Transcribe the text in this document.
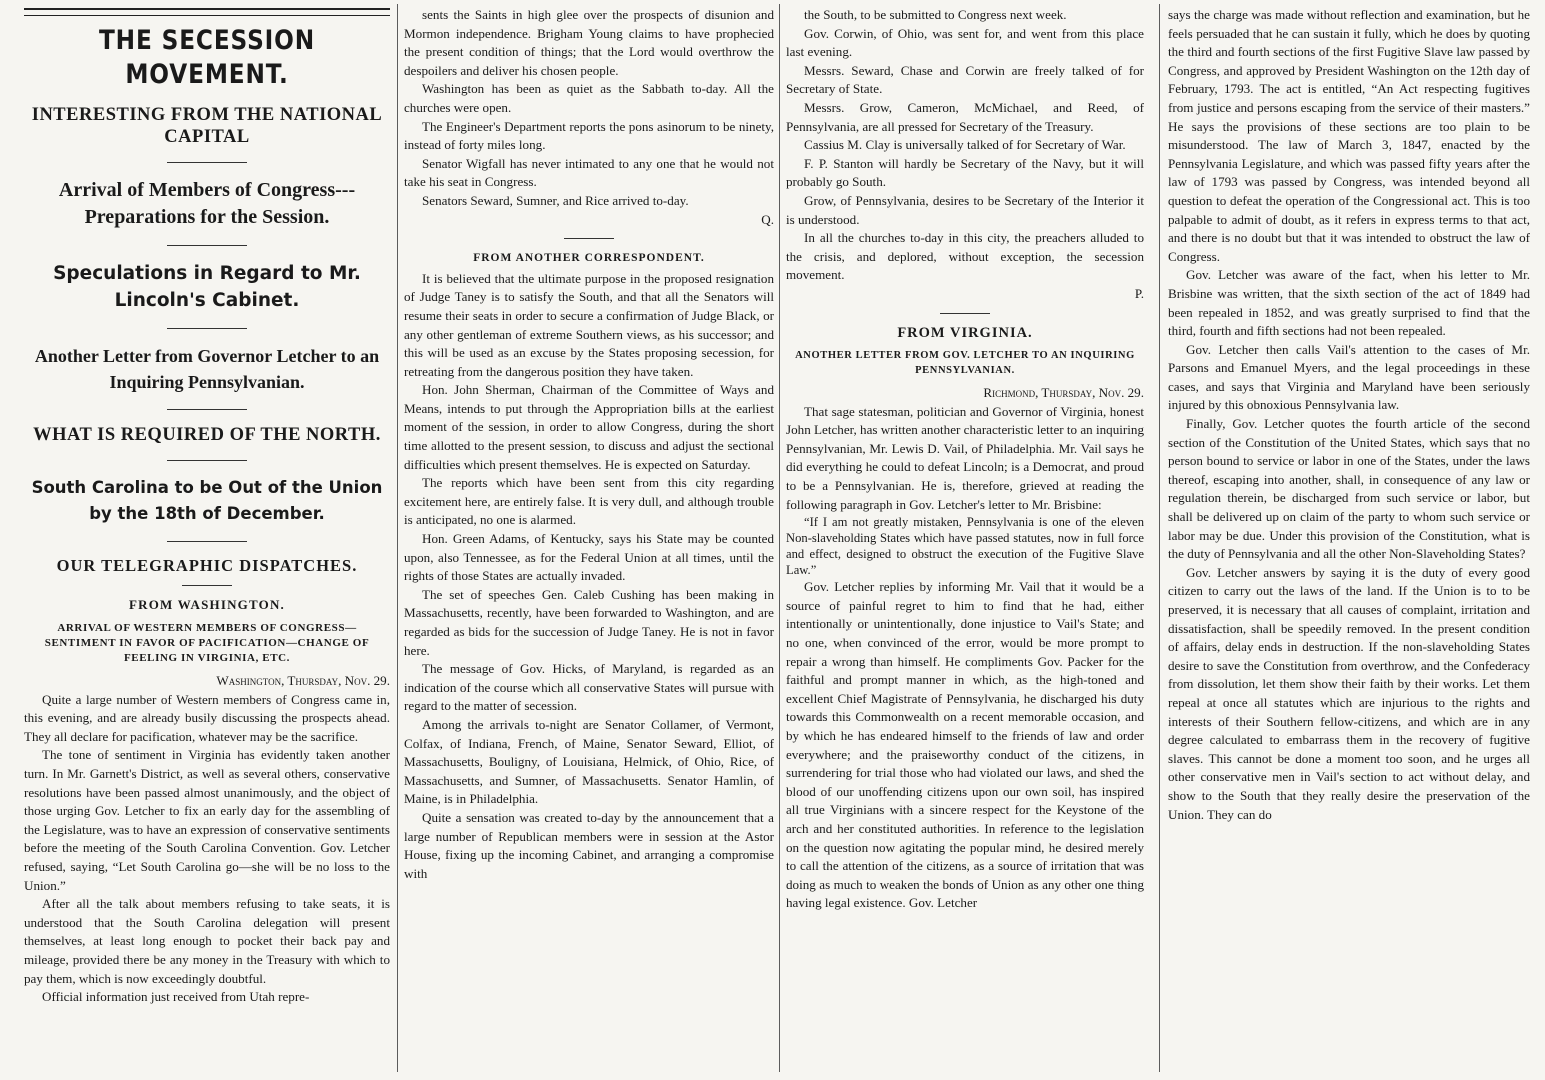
THE SECESSION MOVEMENT.
INTERESTING FROM THE NATIONAL CAPITAL
Arrival of Members of Congress---Preparations for the Session.
Speculations in Regard to Mr. Lincoln's Cabinet.
Another Letter from Governor Letcher to an Inquiring Pennsylvanian.
WHAT IS REQUIRED OF THE NORTH.
South Carolina to be Out of the Union by the 18th of December.
OUR TELEGRAPHIC DISPATCHES.
FROM WASHINGTON.
ARRIVAL OF WESTERN MEMBERS OF CONGRESS—SENTIMENT IN FAVOR OF PACIFICATION—CHANGE OF FEELING IN VIRGINIA, ETC.

Washington, Thursday, Nov. 29.

Quite a large number of Western members of Congress came in, this evening, and are already busily discussing the prospects ahead. They all declare for pacification, whatever may be the sacrifice.

The tone of sentiment in Virginia has evidently taken another turn. In Mr. Garnett's District, as well as several others, conservative resolutions have been passed almost unanimously, and the object of those urging Gov. Letcher to fix an early day for the assembling of the Legislature, was to have an expression of conservative sentiments before the meeting of the South Carolina Convention. Gov. Letcher refused, saying, “Let South Carolina go—she will be no loss to the Union.”

After all the talk about members refusing to take seats, it is understood that the South Carolina delegation will present themselves, at least long enough to pocket their back pay and mileage, provided there be any money in the Treasury with which to pay them, which is now exceedingly doubtful.

Official information just received from Utah repre-

sents the Saints in high glee over the prospects of disunion and Mormon independence. Brigham Young claims to have prophecied the present condition of things; that the Lord would overthrow the despoilers and deliver his chosen people.

Washington has been as quiet as the Sabbath to-day. All the churches were open.

The Engineer's Department reports the pons asinorum to be ninety, instead of forty miles long.

Senator Wigfall has never intimated to any one that he would not take his seat in Congress.

Senators Seward, Sumner, and Rice arrived to-day.

Q.

FROM ANOTHER CORRESPONDENT.

It is believed that the ultimate purpose in the proposed resignation of Judge Taney is to satisfy the South, and that all the Senators will resume their seats in order to secure a confirmation of Judge Black, or any other gentleman of extreme Southern views, as his successor; and this will be used as an excuse by the States proposing secession, for retreating from the dangerous position they have taken.

Hon. John Sherman, Chairman of the Committee of Ways and Means, intends to put through the Appropriation bills at the earliest moment of the session, in order to allow Congress, during the short time allotted to the present session, to discuss and adjust the sectional difficulties which present themselves. He is expected on Saturday.

The reports which have been sent from this city regarding excitement here, are entirely false. It is very dull, and although trouble is anticipated, no one is alarmed.

Hon. Green Adams, of Kentucky, says his State may be counted upon, also Tennessee, as for the Federal Union at all times, until the rights of those States are actually invaded.

The set of speeches Gen. Caleb Cushing has been making in Massachusetts, recently, have been forwarded to Washington, and are regarded as bids for the succession of Judge Taney. He is not in favor here.

The message of Gov. Hicks, of Maryland, is regarded as an indication of the course which all conservative States will pursue with regard to the matter of secession.

Among the arrivals to-night are Senator Collamer, of Vermont, Colfax, of Indiana, French, of Maine, Senator Seward, Elliot, of Massachusetts, Bouligny, of Louisiana, Helmick, of Ohio, Rice, of Massachusetts, and Sumner, of Massachusetts. Senator Hamlin, of Maine, is in Philadelphia.

Quite a sensation was created to-day by the announcement that a large number of Republican members were in session at the Astor House, fixing up the incoming Cabinet, and arranging a compromise with

the South, to be submitted to Congress next week.

Gov. Corwin, of Ohio, was sent for, and went from this place last evening.

Messrs. Seward, Chase and Corwin are freely talked of for Secretary of State.

Messrs. Grow, Cameron, McMichael, and Reed, of Pennsylvania, are all pressed for Secretary of the Treasury.

Cassius M. Clay is universally talked of for Secretary of War.

F. P. Stanton will hardly be Secretary of the Navy, but it will probably go South.

Grow, of Pennsylvania, desires to be Secretary of the Interior it is understood.

In all the churches to-day in this city, the preachers alluded to the crisis, and deplored, without exception, the secession movement.

P.

FROM VIRGINIA.
ANOTHER LETTER FROM GOV. LETCHER TO AN INQUIRING PENNSYLVANIAN.

Richmond, Thursday, Nov. 29.

That sage statesman, politician and Governor of Virginia, honest John Letcher, has written another characteristic letter to an inquiring Pennsylvanian, Mr. Lewis D. Vail, of Philadelphia. Mr. Vail says he did everything he could to defeat Lincoln; is a Democrat, and proud to be a Pennsylvanian. He is, therefore, grieved at reading the following paragraph in Gov. Letcher's letter to Mr. Brisbine:

“If I am not greatly mistaken, Pennsylvania is one of the eleven Non-slaveholding States which have passed statutes, now in full force and effect, designed to obstruct the execution of the Fugitive Slave Law.”

Gov. Letcher replies by informing Mr. Vail that it would be a source of painful regret to him to find that he had, either intentionally or unintentionally, done injustice to Vail's State; and no one, when convinced of the error, would be more prompt to repair a wrong than himself. He compliments Gov. Packer for the faithful and prompt manner in which, as the high-toned and excellent Chief Magistrate of Pennsylvania, he discharged his duty towards this Commonwealth on a recent memorable occasion, and by which he has endeared himself to the friends of law and order everywhere; and the praiseworthy conduct of the citizens, in surrendering for trial those who had violated our laws, and shed the blood of our unoffending citizens upon our own soil, has inspired all true Virginians with a sincere respect for the Keystone of the arch and her constituted authorities. In reference to the legislation on the question now agitating the popular mind, he desired merely to call the attention of the citizens, as a source of irritation that was doing as much to weaken the bonds of Union as any other one thing having legal existence. Gov. Letcher

says the charge was made without reflection and examination, but he feels persuaded that he can sustain it fully, which he does by quoting the third and fourth sections of the first Fugitive Slave law passed by Congress, and approved by President Washington on the 12th day of February, 1793. The act is entitled, “An Act respecting fugitives from justice and persons escaping from the service of their masters.” He says the provisions of these sections are too plain to be misunderstood. The law of March 3, 1847, enacted by the Pennsylvania Legislature, and which was passed fifty years after the law of 1793 was passed by Congress, was intended beyond all question to defeat the operation of the Congressional act. This is too palpable to admit of doubt, as it refers in express terms to that act, and there is no doubt but that it was intended to obstruct the law of Congress.

Gov. Letcher was aware of the fact, when his letter to Mr. Brisbine was written, that the sixth section of the act of 1849 had been repealed in 1852, and was greatly surprised to find that the third, fourth and fifth sections had not been repealed.

Gov. Letcher then calls Vail's attention to the cases of Mr. Parsons and Emanuel Myers, and the legal proceedings in these cases, and says that Virginia and Maryland have been seriously injured by this obnoxious Pennsylvania law.

Finally, Gov. Letcher quotes the fourth article of the second section of the Constitution of the United States, which says that no person bound to service or labor in one of the States, under the laws thereof, escaping into another, shall, in consequence of any law or regulation therein, be discharged from such service or labor, but shall be delivered up on claim of the party to whom such service or labor may be due. Under this provision of the Constitution, what is the duty of Pennsylvania and all the other Non-Slaveholding States?

Gov. Letcher answers by saying it is the duty of every good citizen to carry out the laws of the land. If the Union is to to be preserved, it is necessary that all causes of complaint, irritation and dissatisfaction, shall be speedily removed. In the present condition of affairs, delay ends in destruction. If the non-slaveholding States desire to save the Constitution from overthrow, and the Confederacy from dissolution, let them show their faith by their works. Let them repeal at once all statutes which are injurious to the rights and interests of their Southern fellow-citizens, and which are in any degree calculated to embarrass them in the recovery of fugitive slaves. This cannot be done a moment too soon, and he urges all other conservative men in Vail's section to act without delay, and show to the South that they really desire the preservation of the Union. They can do
